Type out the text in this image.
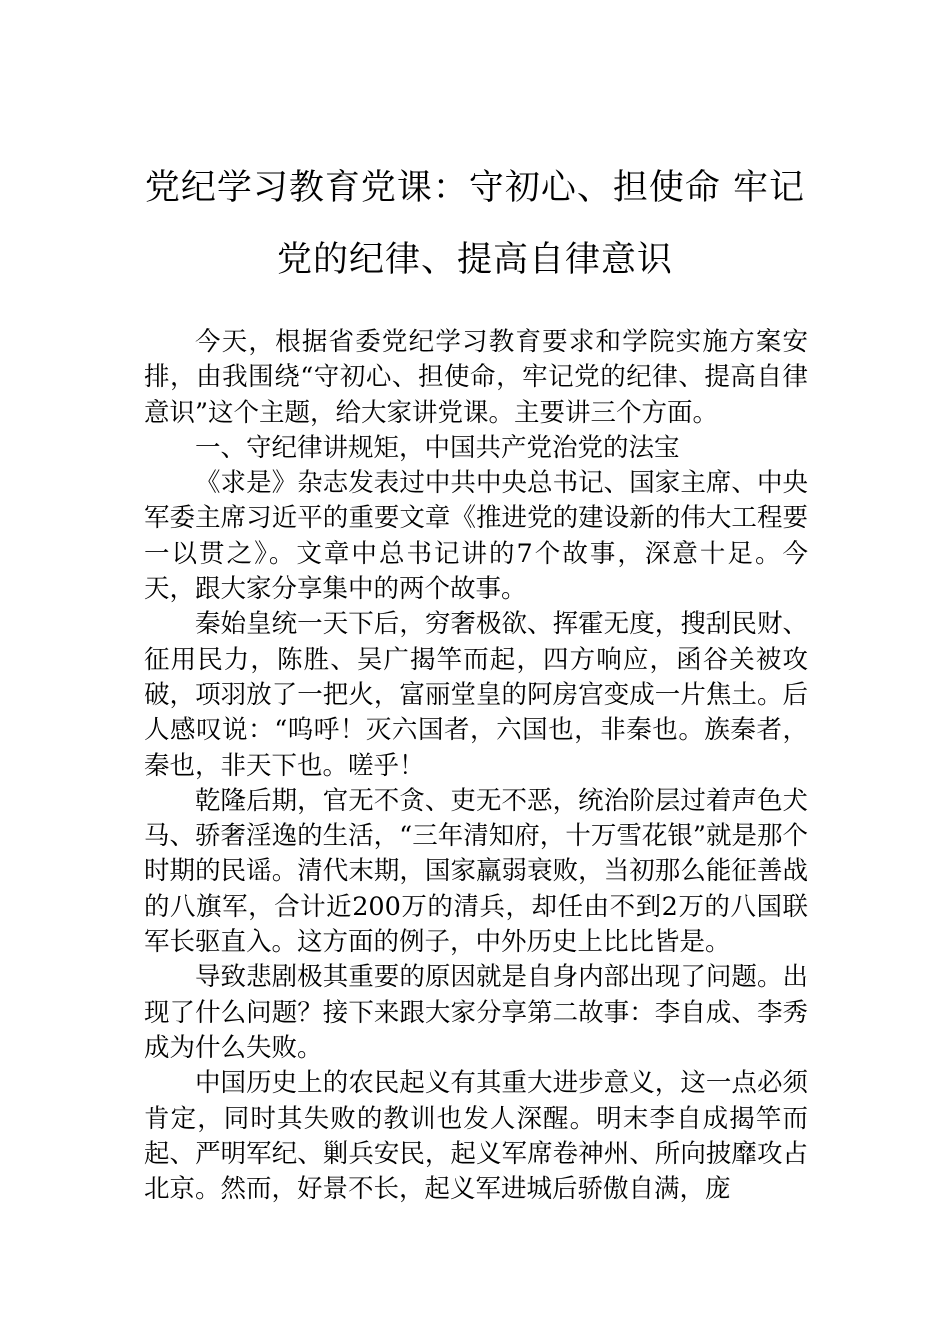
党纪学习教育党课：守初心、担使命 牢记
党的纪律、提高自律意识

今天，根据省委党纪学习教育要求和学院实施方案安排，由我围绕“守初心、担使命，牢记党的纪律、提高自律意识”这个主题，给大家讲党课。主要讲三个方面。

一、守纪律讲规矩，中国共产党治党的法宝

《求是》杂志发表过中共中央总书记、国家主席、中央军委主席习近平的重要文章《推进党的建设新的伟大工程要一以贯之》。文章中总书记讲的7个故事，深意十足。今天，跟大家分享集中的两个故事。

秦始皇统一天下后，穷奢极欲、挥霍无度，搜刮民财、征用民力，陈胜、吴广揭竿而起，四方响应，函谷关被攻破，项羽放了一把火，富丽堂皇的阿房宫变成一片焦土。后人感叹说：“呜呼！灭六国者，六国也，非秦也。族秦者，秦也，非天下也。嗟乎！

乾隆后期，官无不贪、吏无不恶，统治阶层过着声色犬马、骄奢淫逸的生活，“三年清知府，十万雪花银”就是那个时期的民谣。清代末期，国家羸弱衰败，当初那么能征善战的八旗军，合计近200万的清兵，却任由不到2万的八国联军长驱直入。这方面的例子，中外历史上比比皆是。

导致悲剧极其重要的原因就是自身内部出现了问题。出现了什么问题？接下来跟大家分享第二故事：李自成、李秀成为什么失败。

中国历史上的农民起义有其重大进步意义，这一点必须肯定，同时其失败的教训也发人深醒。明末李自成揭竿而起、严明军纪、剿兵安民，起义军席卷神州、所向披靡攻占北京。然而，好景不长，起义军进城后骄傲自满，庞
